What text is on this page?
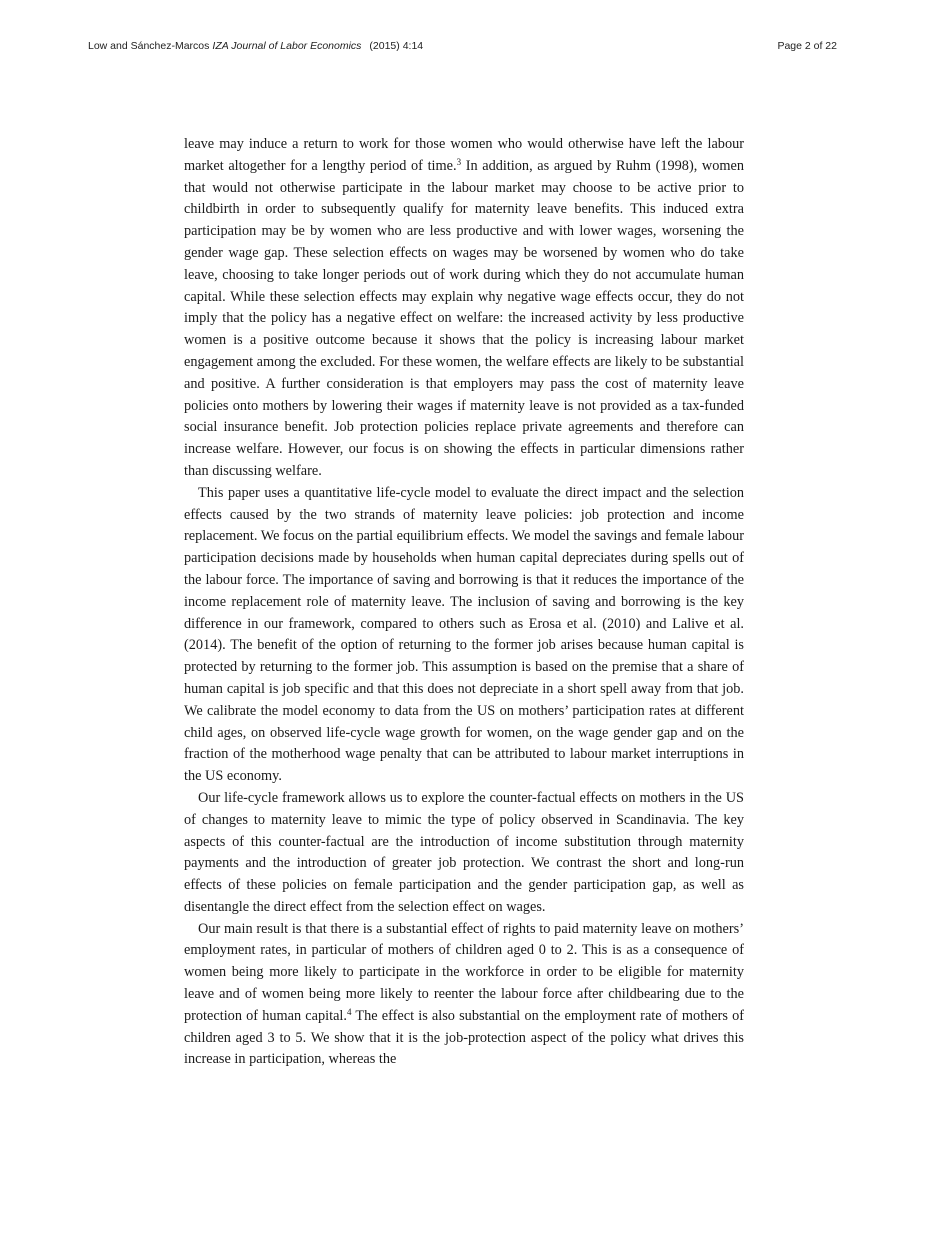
Low and Sánchez-Marcos IZA Journal of Labor Economics (2015) 4:14	Page 2 of 22

leave may induce a return to work for those women who would otherwise have left the labour market altogether for a lengthy period of time.$^3$ In addition, as argued by Ruhm (1998), women that would not otherwise participate in the labour market may choose to be active prior to childbirth in order to subsequently qualify for maternity leave benefits. This induced extra participation may be by women who are less productive and with lower wages, worsening the gender wage gap. These selection effects on wages may be worsened by women who do take leave, choosing to take longer periods out of work during which they do not accumulate human capital. While these selection effects may explain why negative wage effects occur, they do not imply that the policy has a negative effect on welfare: the increased activity by less productive women is a positive outcome because it shows that the policy is increasing labour market engagement among the excluded. For these women, the welfare effects are likely to be substantial and positive. A further consideration is that employers may pass the cost of maternity leave policies onto mothers by lowering their wages if maternity leave is not provided as a tax-funded social insurance benefit. Job protection policies replace private agreements and therefore can increase welfare. However, our focus is on showing the effects in particular dimensions rather than discussing welfare.

This paper uses a quantitative life-cycle model to evaluate the direct impact and the selection effects caused by the two strands of maternity leave policies: job protection and income replacement. We focus on the partial equilibrium effects. We model the savings and female labour participation decisions made by households when human capital depreciates during spells out of the labour force. The importance of saving and borrowing is that it reduces the importance of the income replacement role of maternity leave. The inclusion of saving and borrowing is the key difference in our framework, compared to others such as Erosa et al. (2010) and Lalive et al. (2014). The benefit of the option of returning to the former job arises because human capital is protected by returning to the former job. This assumption is based on the premise that a share of human capital is job specific and that this does not depreciate in a short spell away from that job. We calibrate the model economy to data from the US on mothers’ participation rates at different child ages, on observed life-cycle wage growth for women, on the wage gender gap and on the fraction of the motherhood wage penalty that can be attributed to labour market interruptions in the US economy.

Our life-cycle framework allows us to explore the counter-factual effects on mothers in the US of changes to maternity leave to mimic the type of policy observed in Scandinavia. The key aspects of this counter-factual are the introduction of income substitution through maternity payments and the introduction of greater job protection. We contrast the short and long-run effects of these policies on female participation and the gender participation gap, as well as disentangle the direct effect from the selection effect on wages.

Our main result is that there is a substantial effect of rights to paid maternity leave on mothers’ employment rates, in particular of mothers of children aged 0 to 2. This is as a consequence of women being more likely to participate in the workforce in order to be eligible for maternity leave and of women being more likely to reenter the labour force after childbearing due to the protection of human capital.$^4$ The effect is also substantial on the employment rate of mothers of children aged 3 to 5. We show that it is the job-protection aspect of the policy what drives this increase in participation, whereas the
